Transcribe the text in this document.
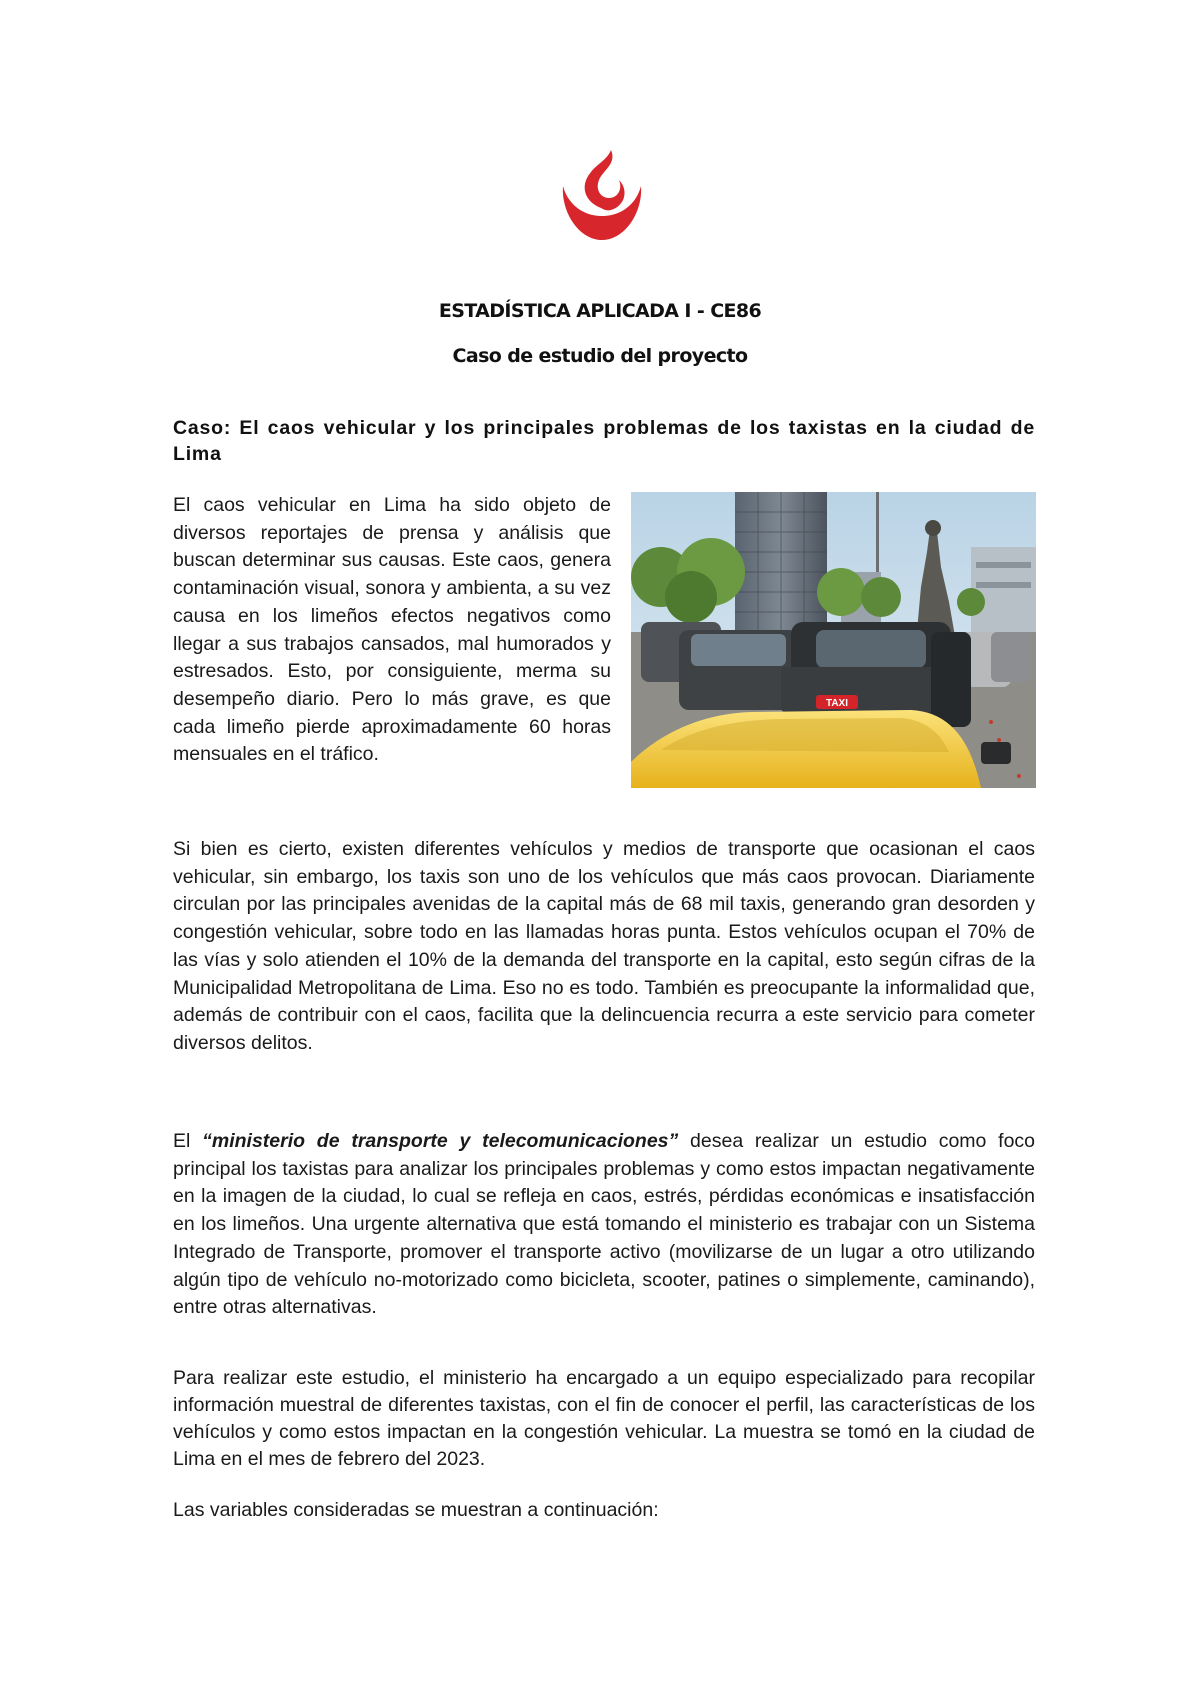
ESTADÍSTICA APLICADA I - CE86
Caso de estudio del proyecto
Caso: El caos vehicular y los principales problemas de los taxistas en la ciudad de Lima
El caos vehicular en Lima ha sido objeto de diversos reportajes de prensa y análisis que buscan determinar sus causas. Este caos, genera contaminación visual, sonora y ambienta, a su vez causa en los limeños efectos negativos como llegar a sus trabajos cansados, mal humorados y estresados. Esto, por consiguiente, merma su desempeño diario. Pero lo más grave, es que cada limeño pierde aproximadamente 60 horas mensuales en el tráfico.
TAXI
Si bien es cierto, existen diferentes vehículos y medios de transporte que ocasionan el caos vehicular, sin embargo, los taxis son uno de los vehículos que más caos provocan. Diariamente circulan por las principales avenidas de la capital más de 68 mil taxis, generando gran desorden y congestión vehicular, sobre todo en las llamadas horas punta. Estos vehículos ocupan el 70% de las vías y solo atienden el 10% de la demanda del transporte en la capital, esto según cifras de la Municipalidad Metropolitana de Lima. Eso no es todo. También es preocupante la informalidad que, además de contribuir con el caos, facilita que la delincuencia recurra a este servicio para cometer diversos delitos.
El “ministerio de transporte y telecomunicaciones” desea realizar un estudio como foco principal los taxistas para analizar los principales problemas y como estos impactan negativamente en la imagen de la ciudad, lo cual se refleja en caos, estrés, pérdidas económicas e insatisfacción en los limeños. Una urgente alternativa que está tomando el ministerio es trabajar con un Sistema Integrado de Transporte, promover el transporte activo (movilizarse de un lugar a otro utilizando algún tipo de vehículo no-motorizado como bicicleta, scooter, patines o simplemente, caminando), entre otras alternativas.
Para realizar este estudio, el ministerio ha encargado a un equipo especializado para recopilar información muestral de diferentes taxistas, con el fin de conocer el perfil, las características de los vehículos y como estos impactan en la congestión vehicular. La muestra se tomó en la ciudad de Lima en el mes de febrero del 2023.
Las variables consideradas se muestran a continuación:
